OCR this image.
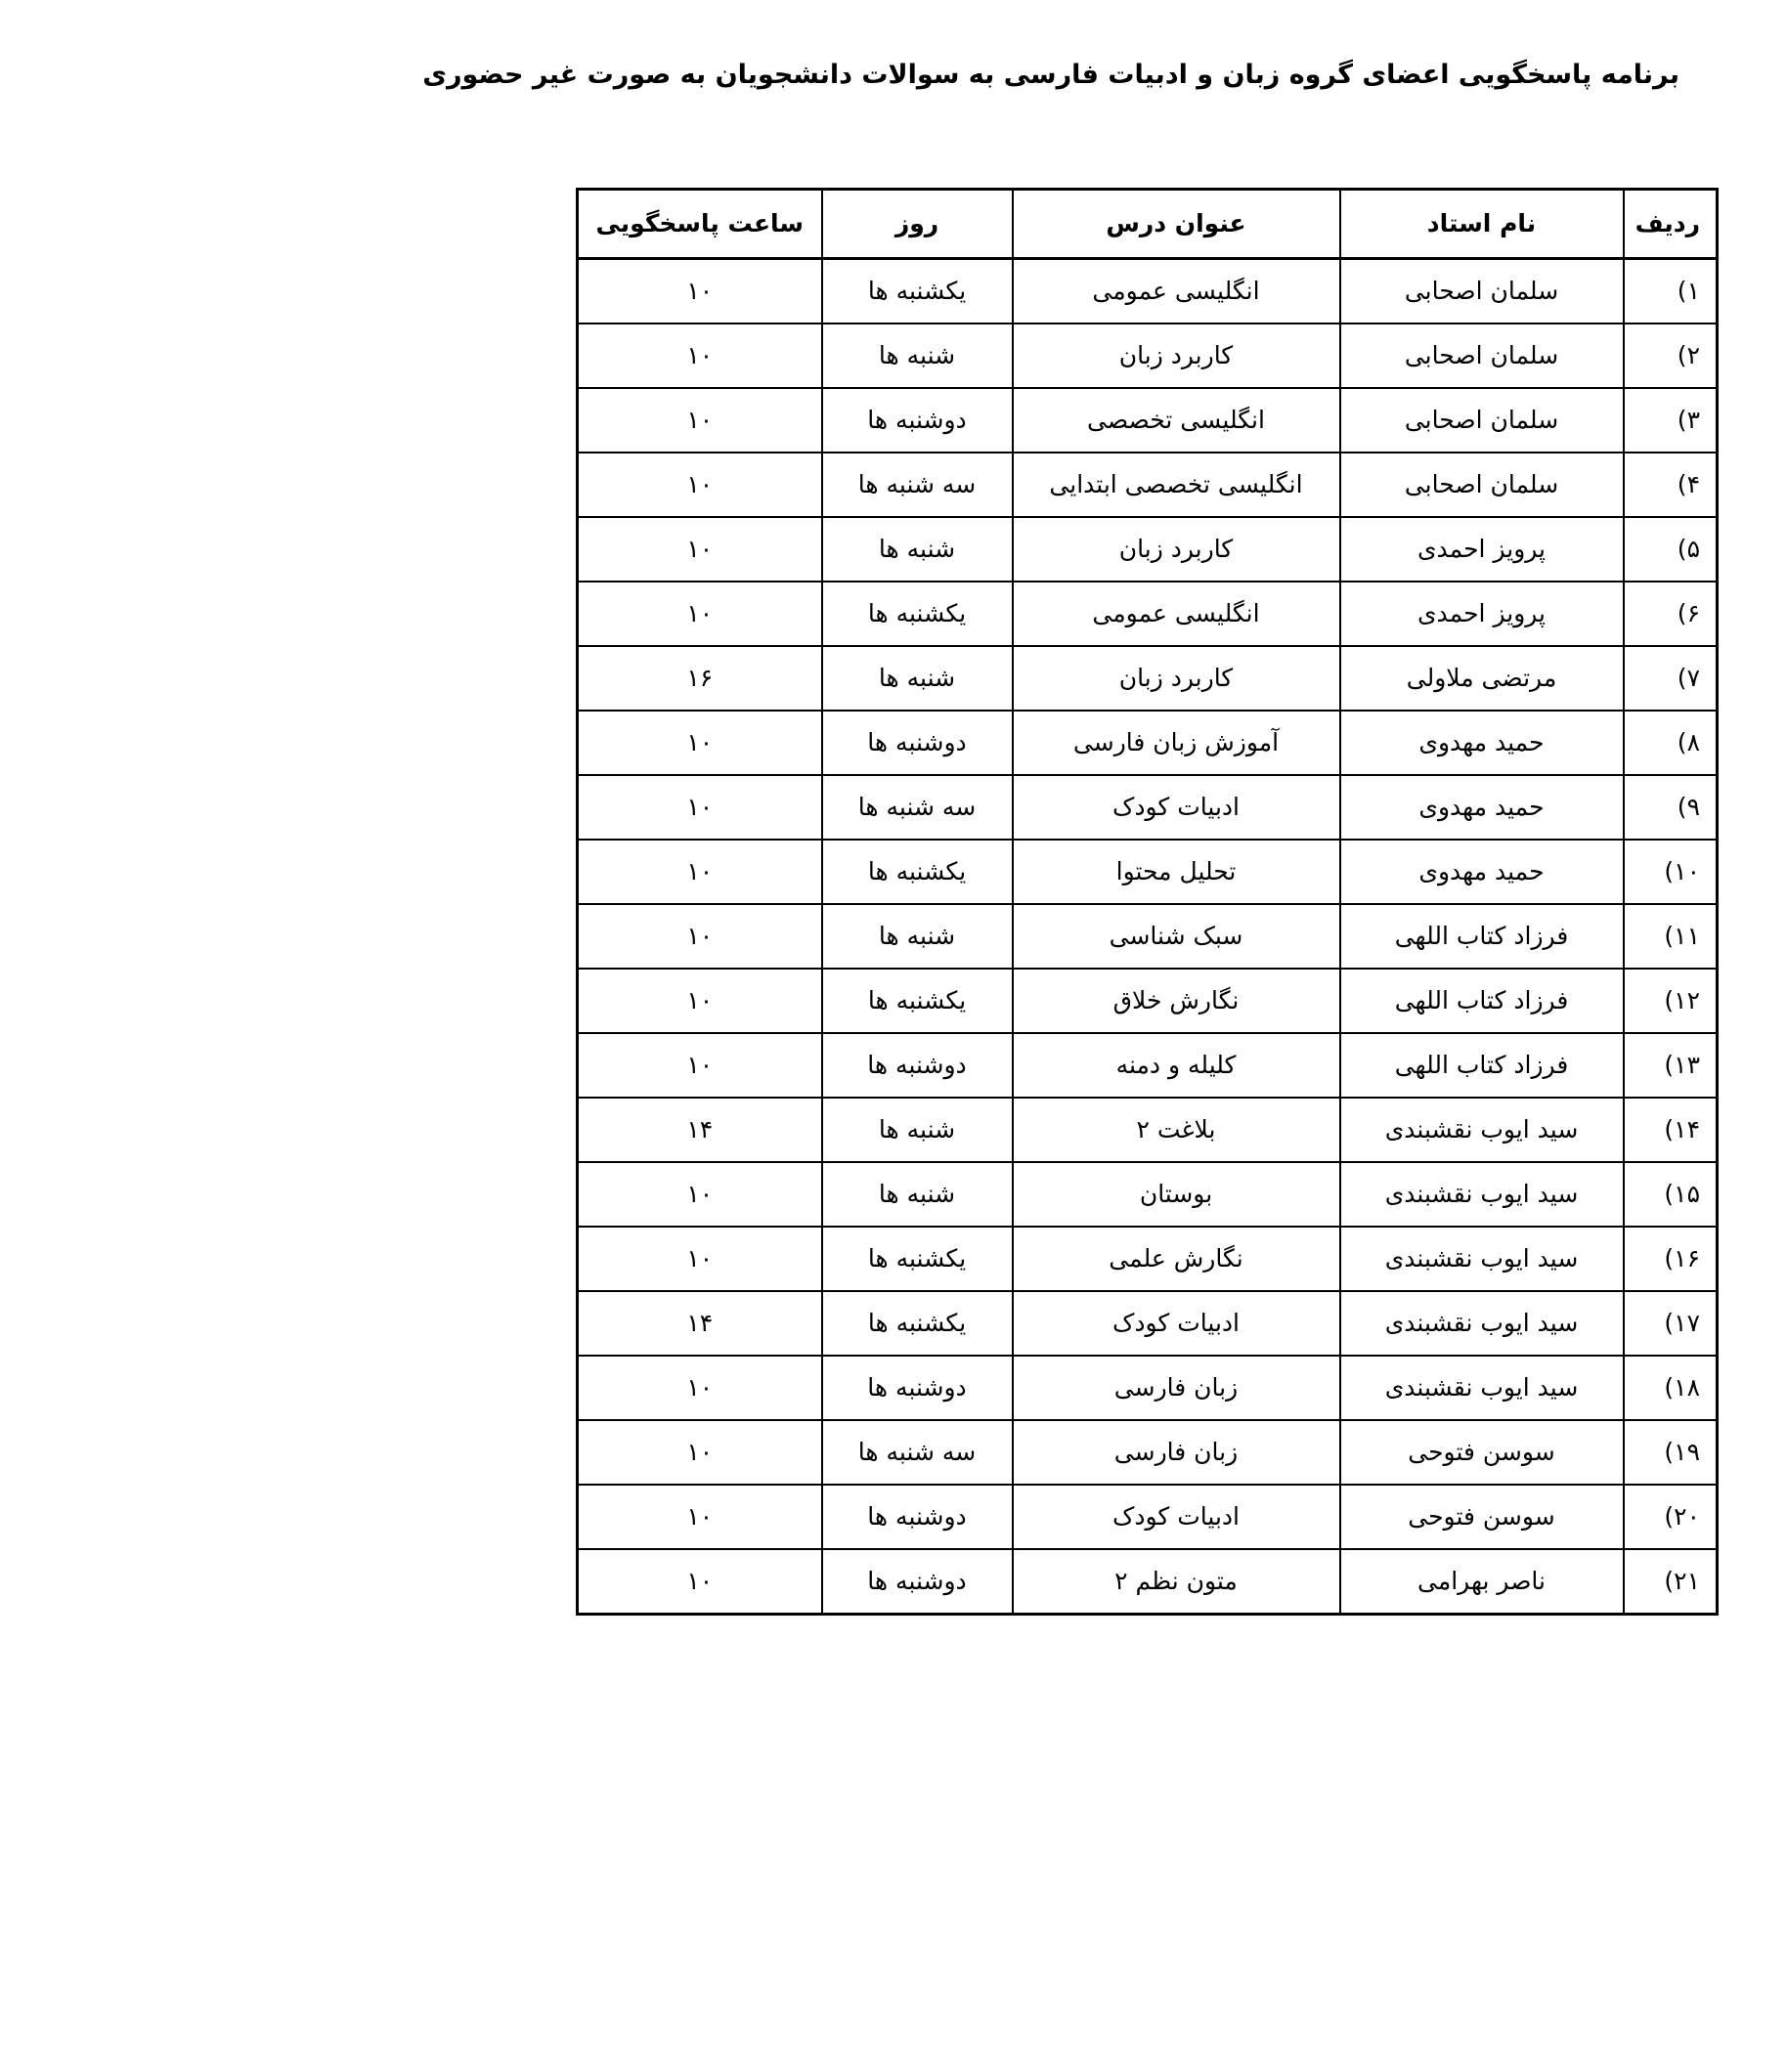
برنامه پاسخگویی اعضای گروه زبان و ادبیات فارسی به سوالات دانشجویان به صورت غیر حضوری
ردیف	نام استاد	عنوان درس	روز	ساعت پاسخگویی
۱)	سلمان اصحابی	انگلیسی عمومی	یکشنبه ها	۱۰
۲)	سلمان اصحابی	کاربرد زبان	شنبه ها	۱۰
۳)	سلمان اصحابی	انگلیسی تخصصی	دوشنبه ها	۱۰
۴)	سلمان اصحابی	انگلیسی تخصصی ابتدایی	سه شنبه ها	۱۰
۵)	پرویز احمدی	کاربرد زبان	شنبه ها	۱۰
۶)	پرویز احمدی	انگلیسی عمومی	یکشنبه ها	۱۰
۷)	مرتضی ملاولی	کاربرد زبان	شنبه ها	۱۶
۸)	حمید مهدوی	آموزش زبان فارسی	دوشنبه ها	۱۰
۹)	حمید مهدوی	ادبیات کودک	سه شنبه ها	۱۰
۱۰)	حمید مهدوی	تحلیل محتوا	یکشنبه ها	۱۰
۱۱)	فرزاد کتاب اللهی	سبک شناسی	شنبه ها	۱۰
۱۲)	فرزاد کتاب اللهی	نگارش خلاق	یکشنبه ها	۱۰
۱۳)	فرزاد کتاب اللهی	کلیله و دمنه	دوشنبه ها	۱۰
۱۴)	سید ایوب نقشبندی	بلاغت ۲	شنبه ها	۱۴
۱۵)	سید ایوب نقشبندی	بوستان	شنبه ها	۱۰
۱۶)	سید ایوب نقشبندی	نگارش علمی	یکشنبه ها	۱۰
۱۷)	سید ایوب نقشبندی	ادبیات کودک	یکشنبه ها	۱۴
۱۸)	سید ایوب نقشبندی	زبان فارسی	دوشنبه ها	۱۰
۱۹)	سوسن فتوحی	زبان فارسی	سه شنبه ها	۱۰
۲۰)	سوسن فتوحی	ادبیات کودک	دوشنبه ها	۱۰
۲۱)	ناصر بهرامی	متون نظم ۲	دوشنبه ها	۱۰
